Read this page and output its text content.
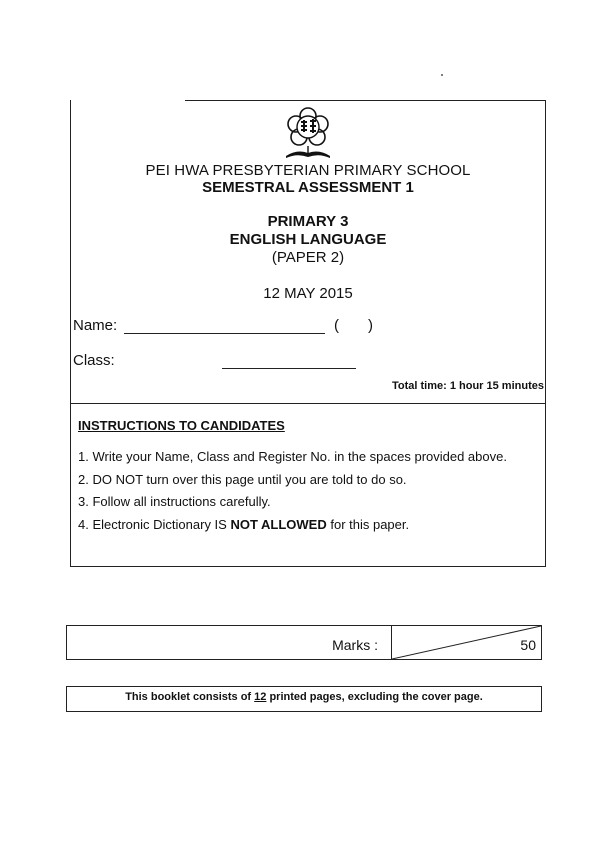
PEI HWA PRESBYTERIAN PRIMARY SCHOOL
SEMESTRAL ASSESSMENT 1
PRIMARY 3
ENGLISH LANGUAGE
(PAPER 2)
12 MAY 2015
Name:	( )
Class:
Total time: 1 hour 15 minutes
INSTRUCTIONS TO CANDIDATES
1. Write your Name, Class and Register No. in the spaces provided above.
2. DO NOT turn over this page until you are told to do so.
3. Follow all instructions carefully.
4. Electronic Dictionary IS NOT ALLOWED for this paper.
Marks :	50
This booklet consists of 12 printed pages, excluding the cover page.
